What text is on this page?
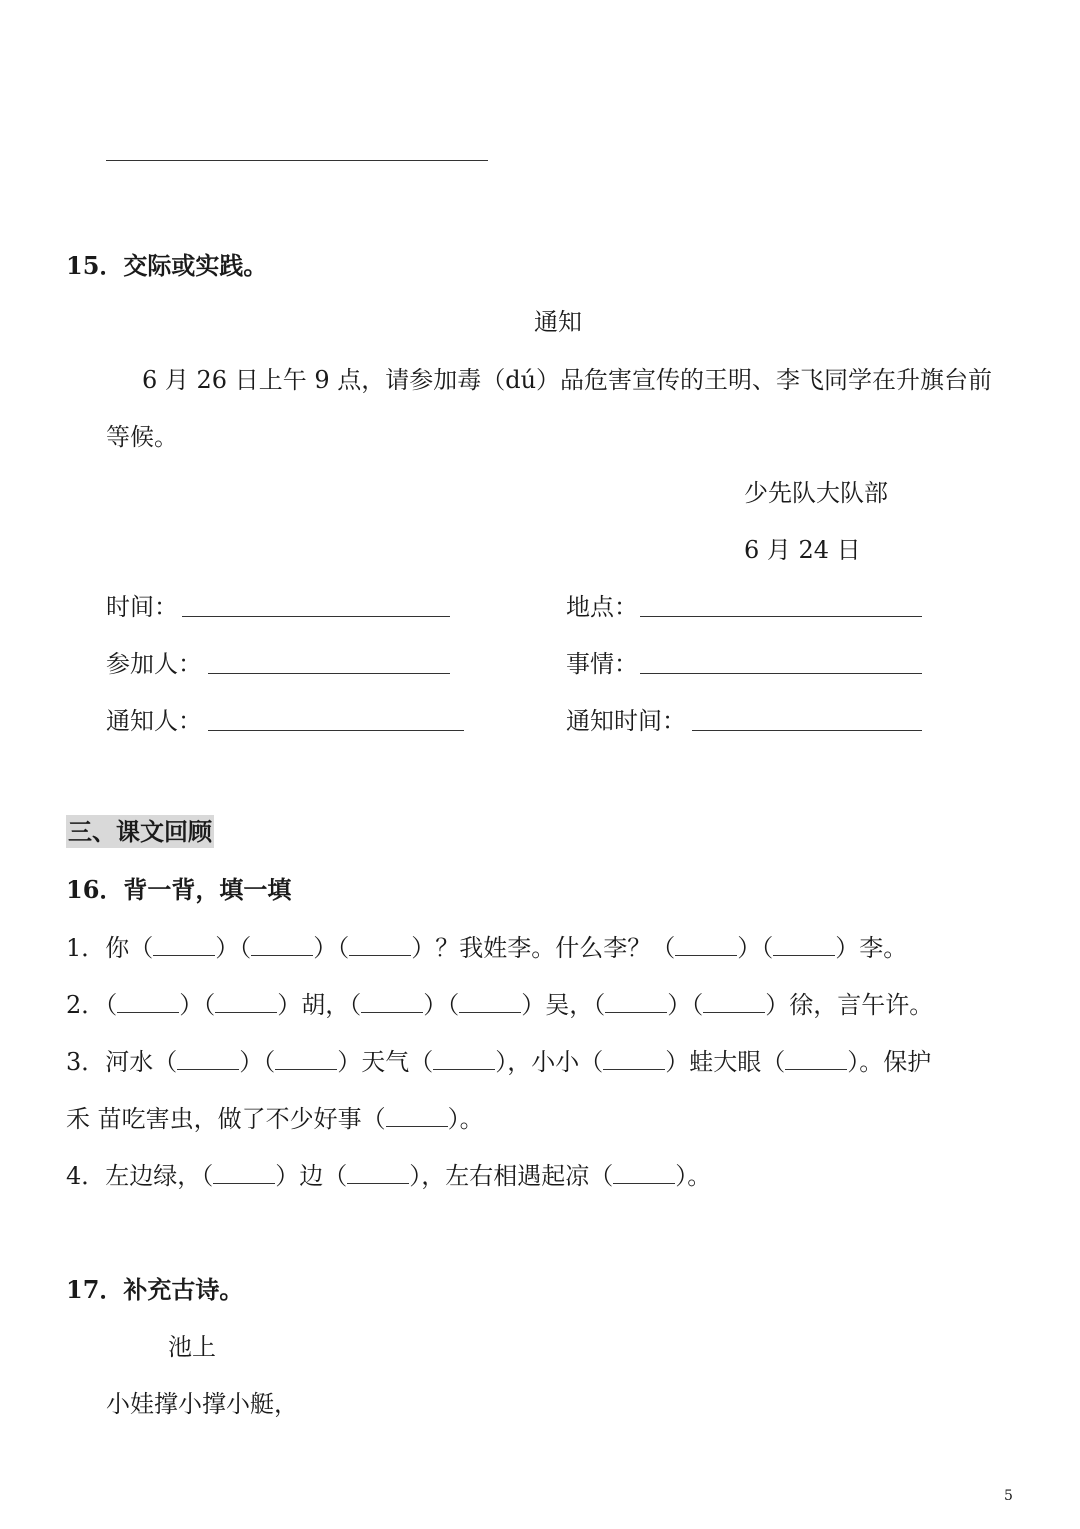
15．交际或实践。
通知
6 月 26 日上午 9 点，请参加毒（dú）品危害宣传的王明、李飞同学在升旗台前
等候。
少先队大队部
6 月 24 日
时间：	地点：
参加人：	事情：
通知人：	通知时间：
三、课文回顾
16．背一背，填一填
1．你（	）（	）（	）？我姓李。什么李？（	）（	）李。
2．（	）（	）胡，（	）（	）吴，（	）（	）徐，言午许。
3．河水（	）（	）天气（	），小小（	）蛙大眼（	）。保护
禾 苗吃害虫，做了不少好事（	）。
4．左边绿，（	）边（	），左右相遇起凉（	）。
17．补充古诗。
池上
小娃撑小撑小艇，
5
